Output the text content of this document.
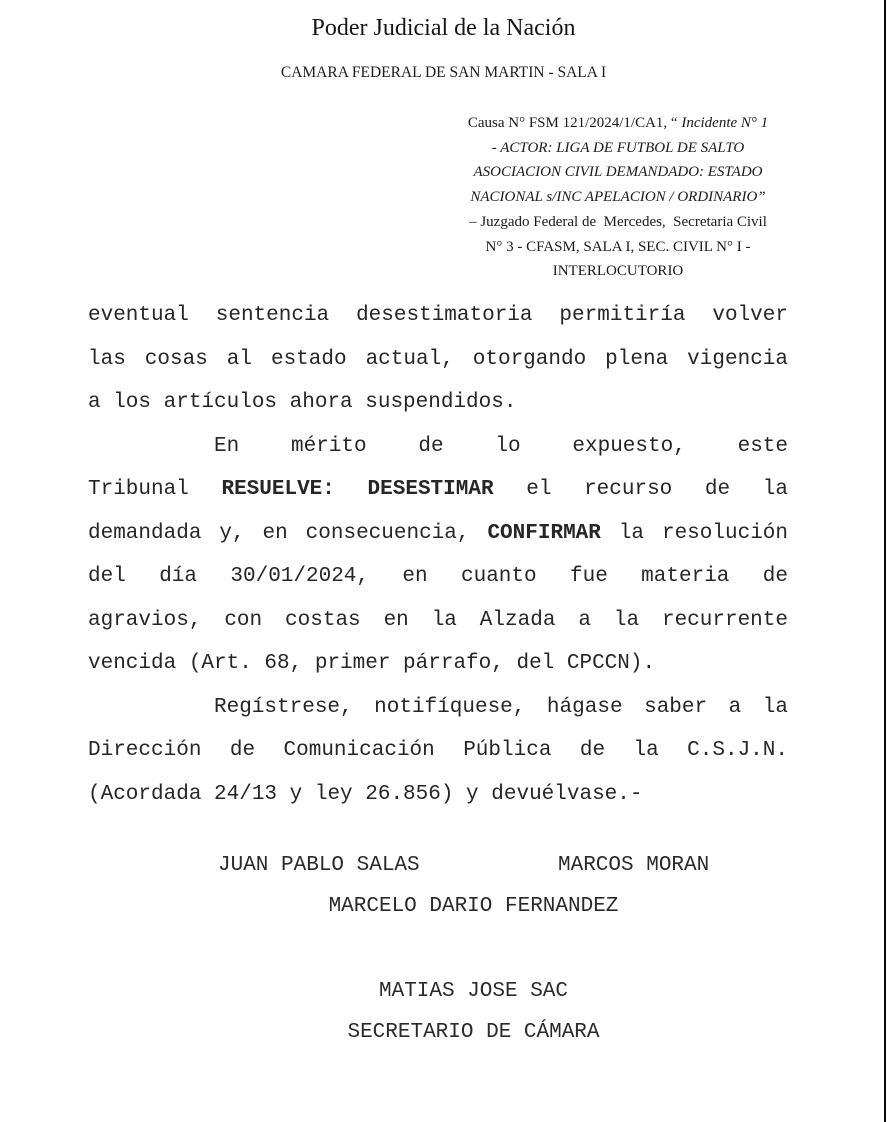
Poder Judicial de la Nación
CAMARA FEDERAL DE SAN MARTIN - SALA I
Causa N° FSM 121/2024/1/CA1, “ Incidente N° 1
- ACTOR: LIGA DE FUTBOL DE SALTO
ASOCIACION CIVIL DEMANDADO: ESTADO
NACIONAL s/INC APELACION / ORDINARIO”
– Juzgado Federal de  Mercedes,  Secretaria Civil
N° 3 - CFASM, SALA I, SEC. CIVIL N° I -
INTERLOCUTORIO
eventual sentencia desestimatoria permitiría volver
las cosas al estado actual, otorgando plena vigencia
a los artículos ahora suspendidos.
En mérito de lo expuesto, este
Tribunal RESUELVE: DESESTIMAR el recurso de la
demandada y, en consecuencia, CONFIRMAR la resolución
del día 30/01/2024, en cuanto fue materia de
agravios, con costas en la Alzada a la recurrente
vencida (Art. 68, primer párrafo, del CPCCN).
Regístrese, notifíquese, hágase saber a la
Dirección de Comunicación Pública de la C.S.J.N.
(Acordada 24/13 y ley 26.856) y devuélvase.-
JUAN PABLO SALAS	MARCOS MORAN
MARCELO DARIO FERNANDEZ
MATIAS JOSE SAC
SECRETARIO DE CÁMARA
